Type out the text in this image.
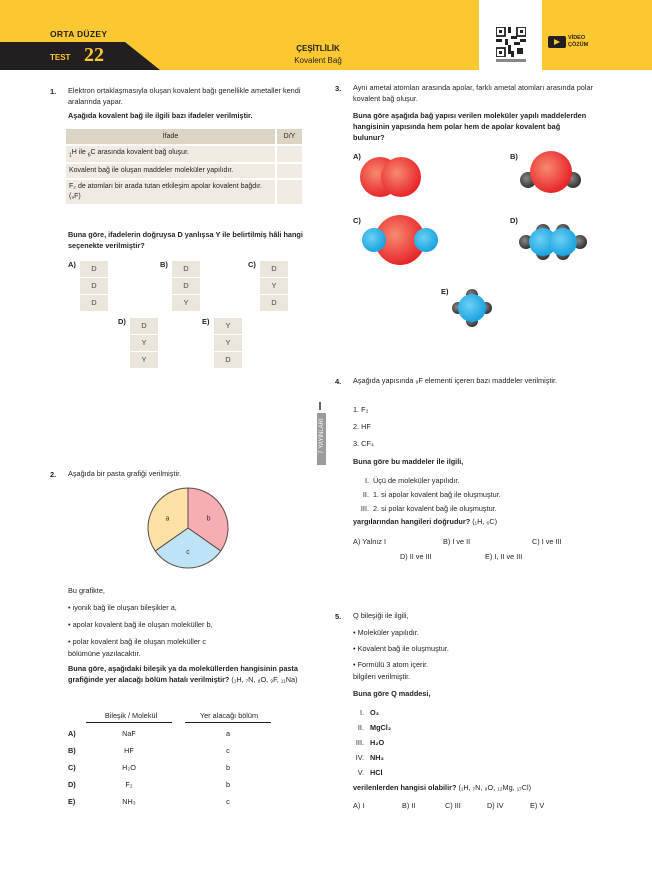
ORTA DÜZEY
TEST 22	ÇEŞİTLİLİK
Kovalent Bağ
VİDEO
ÇÖZÜM
7 YAYINLARI
1. Elektron ortaklaşmasıyla oluşan kovalent bağı genellikle ametaller kendi aralarında yapar.
Aşağıda kovalent bağ ile ilgili bazı ifadeler verilmiştir.
İfade	D/Y
$_1$H ile $_6$C arasında kovalent bağ oluşur.	
Kovalent bağ ile oluşan maddeler moleküler yapılıdır.	
F₂ de atomları bir arada tutan etkileşim apolar kovalent bağdır. (₉F)	
Buna göre, ifadelerin doğruysa D yanlışsa Y ile belirtilmiş hâli hangi seçenekte verilmiştir?
A)	D
D
D
B)	D
D
Y
C)	D
Y
D
D)	D
Y
Y
E)	Y
Y
D
2. Aşağıda bir pasta grafiği verilmiştir.
b
c
a
Bu grafikte,
• iyonik bağ ile oluşan bileşikler a,
• apolar kovalent bağ ile oluşan moleküller b,
• polar kovalent bağ ile oluşan moleküller c
bölümüne yazılacaktır.
Buna göre, aşağıdaki bileşik ya da moleküllerden hangisinin pasta grafiğinde yer alacağı bölüm hatalı verilmiştir? (₁H, ₇N, ₈O, ₉F, ₁₁Na)
Bileşik / Molekül	Yer alacağı bölüm
A)	NaF	a
B)	HF	c
C)	H₂O	b
D)	F₂	b
E)	NH₃	c
3. Aynı ametal atomları arasında apolar, farklı ametal atomları arasında polar kovalent bağ oluşur.
Buna göre aşağıda bağ yapısı verilen moleküler yapılı maddelerden hangisinin yapısında hem polar hem de apolar kovalent bağ bulunur?
A)	B)
C)	D)
E)
4. Aşağıda yapısında ₉F elementi içeren bazı maddeler verilmiştir.
1. F₂
2. HF
3. CF₄
Buna göre bu maddeler ile ilgili,
I. Üçü de moleküler yapılıdır.
II. 1. si apolar kovalent bağ ile oluşmuştur.
III. 2. si polar kovalent bağ ile oluşmuştur.
yargılarından hangileri doğrudur? (₁H, ₆C)
A) Yalnız I	B) I ve II	C) I ve III
D) II ve III	E) I, II ve III
5. Q bileşiği ile ilgili,
• Moleküler yapılıdır.
• Kovalent bağ ile oluşmuştur.
• Formülü 3 atom içerir.
bilgileri verilmiştir.
Buna göre Q maddesi,
I. O₃
II. MgCl₂
III. H₂O
IV. NH₃
V. HCl
verilenlerden hangisi olabilir? (₁H, ₇N, ₈O, ₁₂Mg, ₁₇Cl)
A) I	B) II	C) III	D) IV	E) V
